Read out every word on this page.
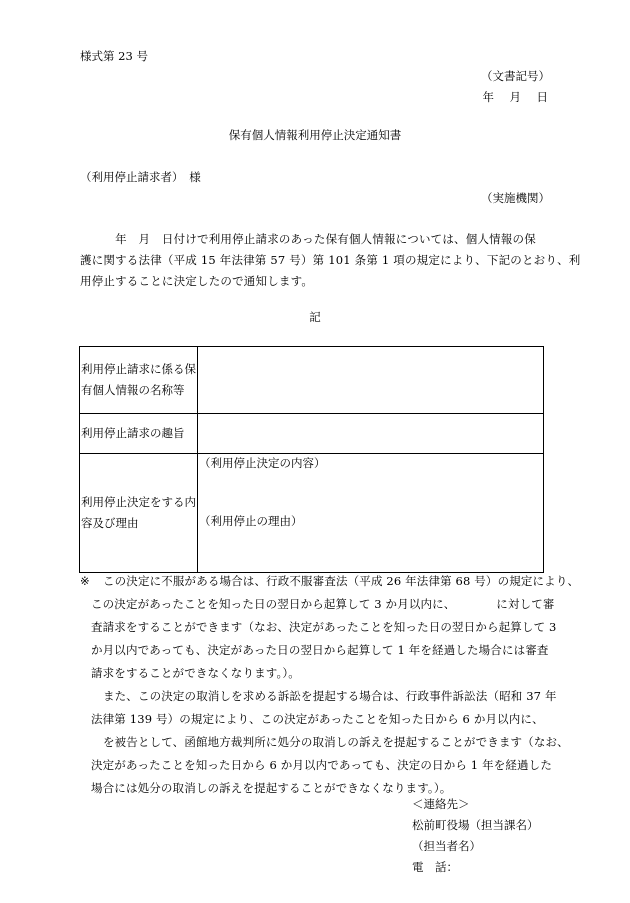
様式第 23 号
（文書記号）
年　月　日
保有個人情報利用停止決定通知書
（利用停止請求者）　様
（実施機関）
　　　年　月　日付けで利用停止請求のあった保有個人情報については、個人情報の保
護に関する法律（平成 15 年法律第 57 号）第 101 条第 1 項の規定により、下記のとおり、利
用停止することに決定したので通知します。
記
利用停止請求に係る保
有個人情報の名称等	

利用停止請求の趣旨	

利用停止決定をする内
容及び理由	（利用停止決定の内容）
（利用停止の理由）
※ この決定に不服がある場合は、行政不服審査法（平成 26 年法律第 68 号）の規定により、
この決定があったことを知った日の翌日から起算して 3 か月以内に、　　　　に対して審
査請求をすることができます（なお、決定があったことを知った日の翌日から起算して 3
か月以内であっても、決定があった日の翌日から起算して 1 年を経過した場合には審査
請求をすることができなくなります。）。
また、この決定の取消しを求める訴訟を提起する場合は、行政事件訴訟法（昭和 37 年
法律第 139 号）の規定により、この決定があったことを知った日から 6 か月以内に、
を被告として、函館地方裁判所に処分の取消しの訴えを提起することができます（なお、
決定があったことを知った日から 6 か月以内であっても、決定の日から 1 年を経過した
場合には処分の取消しの訴えを提起することができなくなります。）。
＜連絡先＞
松前町役場（担当課名）
（担当者名）
電　話：
